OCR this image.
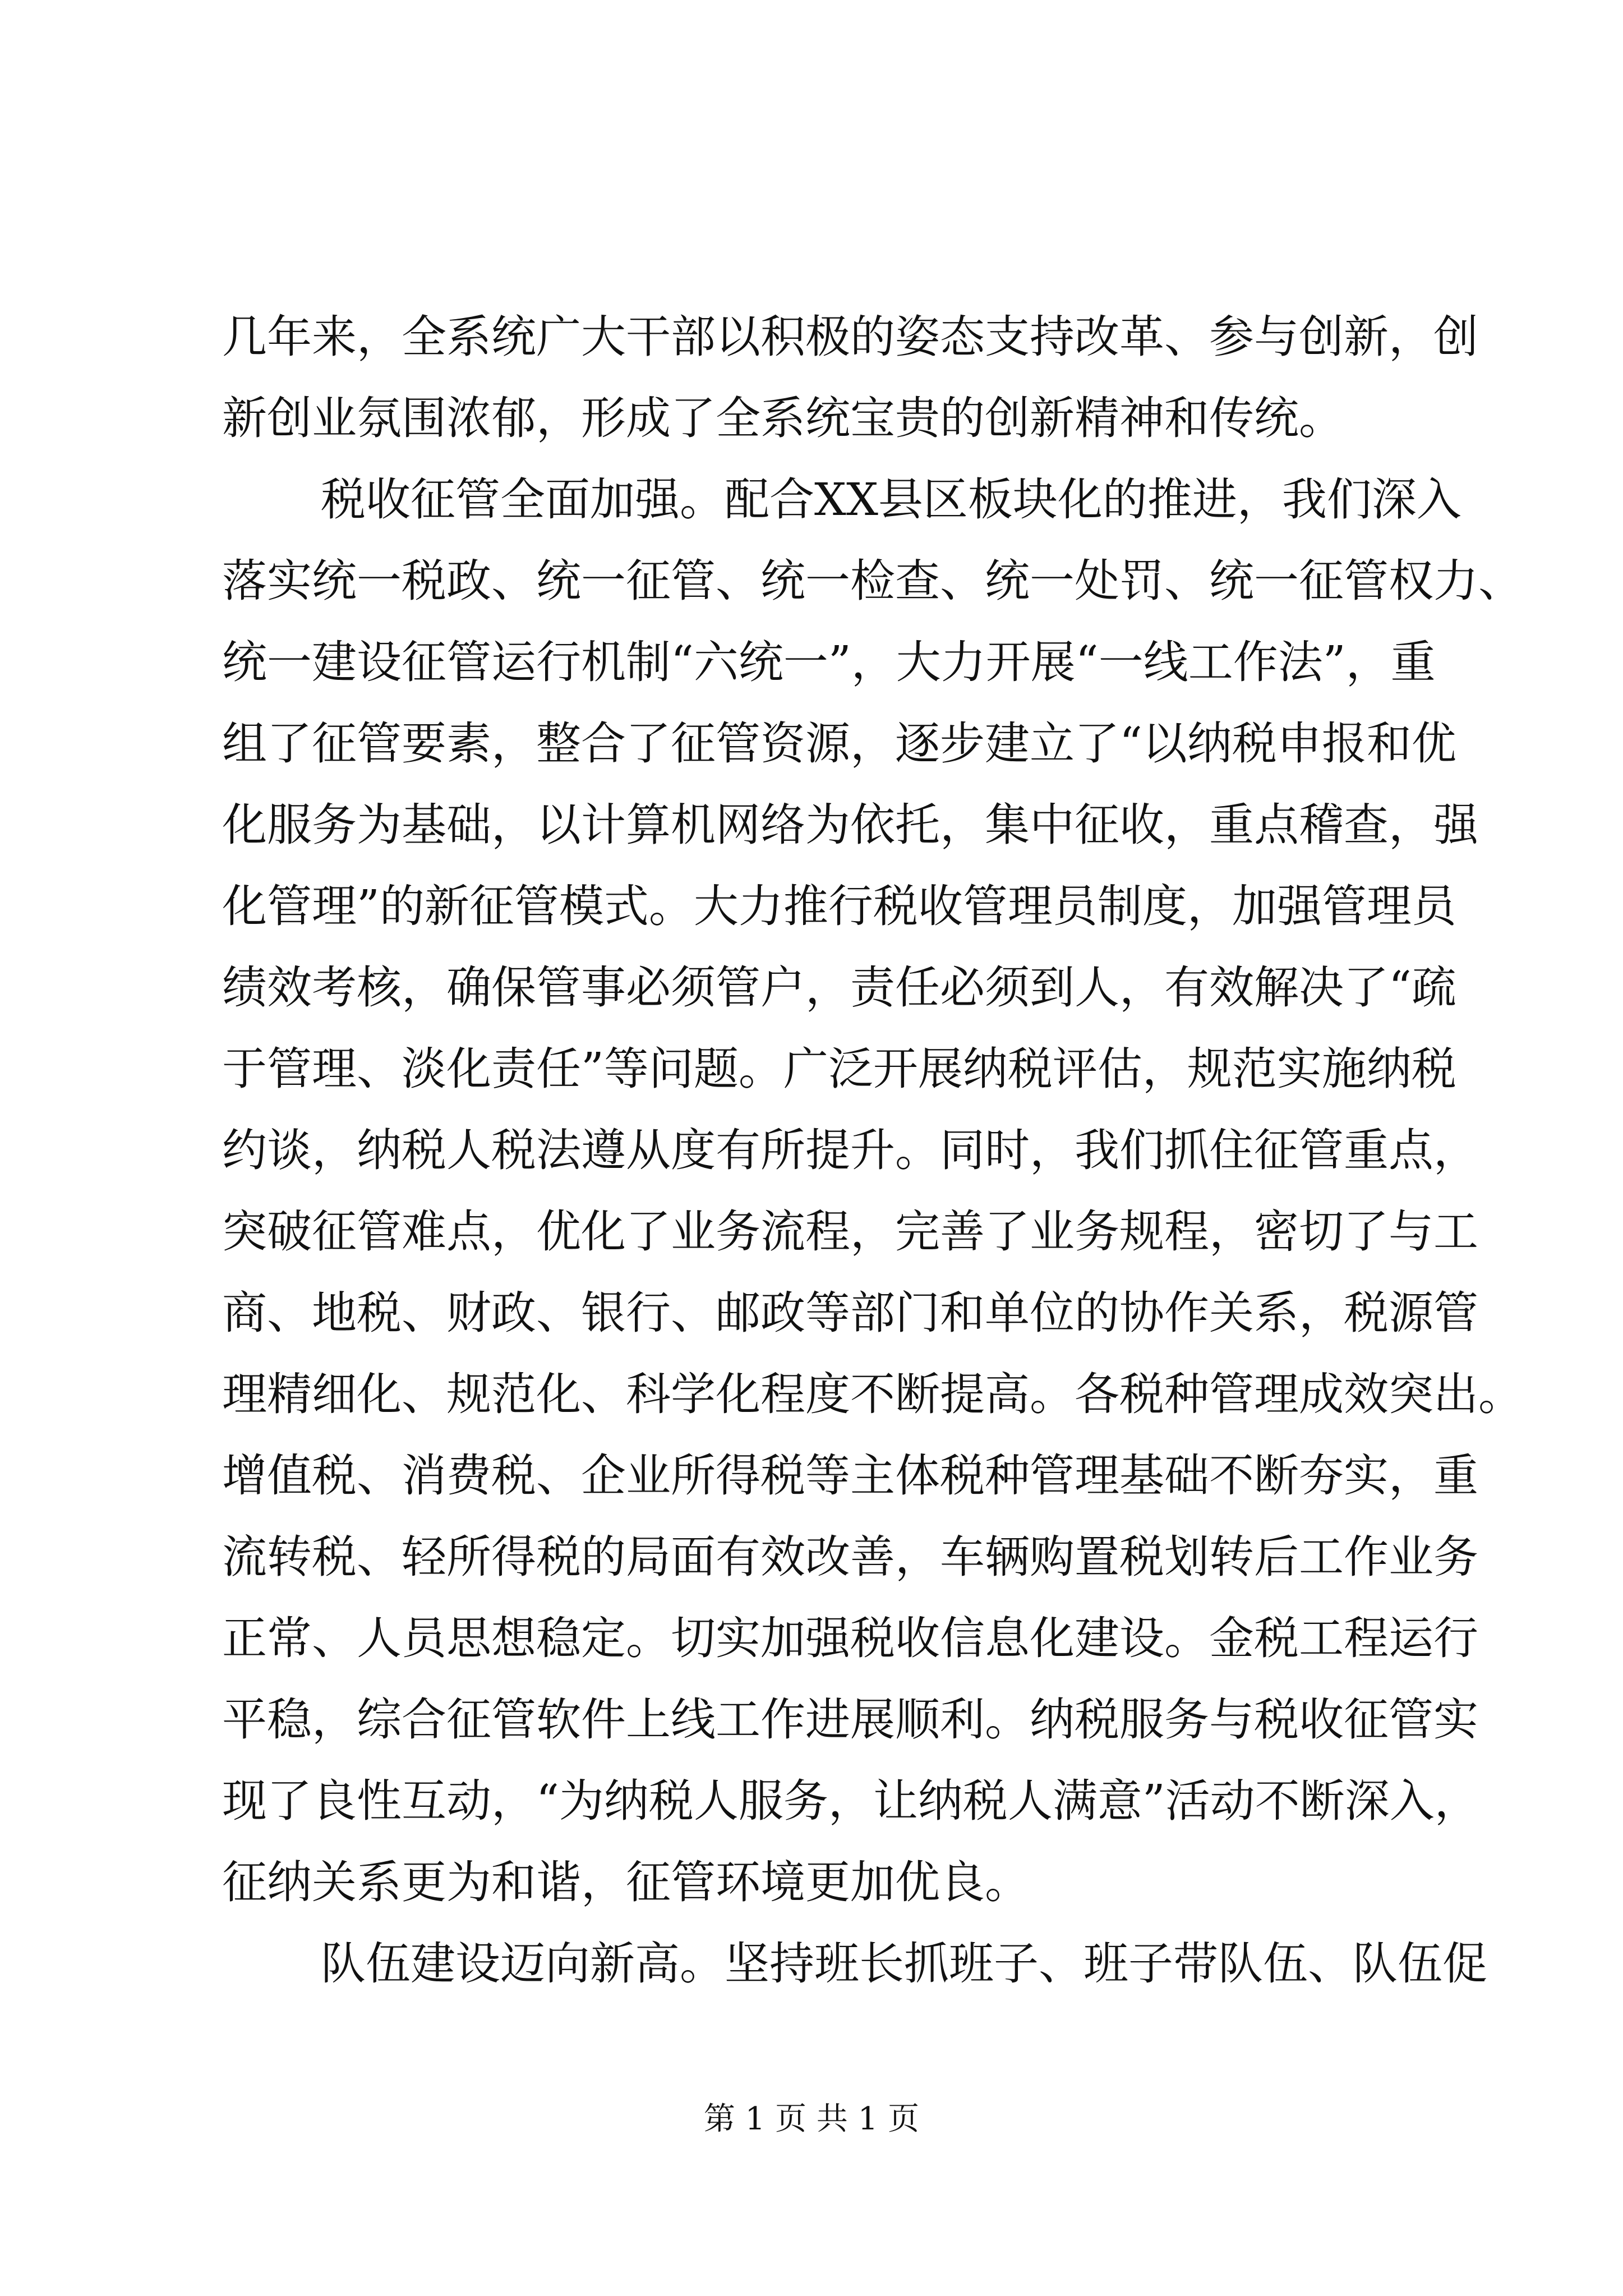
几年来，全系统广大干部以积极的姿态支持改革、参与创新，创
新创业氛围浓郁，形成了全系统宝贵的创新精神和传统。
税收征管全面加强。配合XX县区板块化的推进，我们深入
落实统一税政、统一征管、统一检查、统一处罚、统一征管权力、
统一建设征管运行机制“六统一”，大力开展“一线工作法”，重
组了征管要素，整合了征管资源，逐步建立了“以纳税申报和优
化服务为基础，以计算机网络为依托，集中征收，重点稽查，强
化管理”的新征管模式。大力推行税收管理员制度，加强管理员
绩效考核，确保管事必须管户，责任必须到人，有效解决了“疏
于管理、淡化责任”等问题。广泛开展纳税评估，规范实施纳税
约谈，纳税人税法遵从度有所提升。同时，我们抓住征管重点，
突破征管难点，优化了业务流程，完善了业务规程，密切了与工
商、地税、财政、银行、邮政等部门和单位的协作关系，税源管
理精细化、规范化、科学化程度不断提高。各税种管理成效突出。
增值税、消费税、企业所得税等主体税种管理基础不断夯实，重
流转税、轻所得税的局面有效改善，车辆购置税划转后工作业务
正常、人员思想稳定。切实加强税收信息化建设。金税工程运行
平稳，综合征管软件上线工作进展顺利。纳税服务与税收征管实
现了良性互动，“为纳税人服务，让纳税人满意”活动不断深入，
征纳关系更为和谐，征管环境更加优良。
队伍建设迈向新高。坚持班长抓班子、班子带队伍、队伍促
第 1 页 共 1 页
